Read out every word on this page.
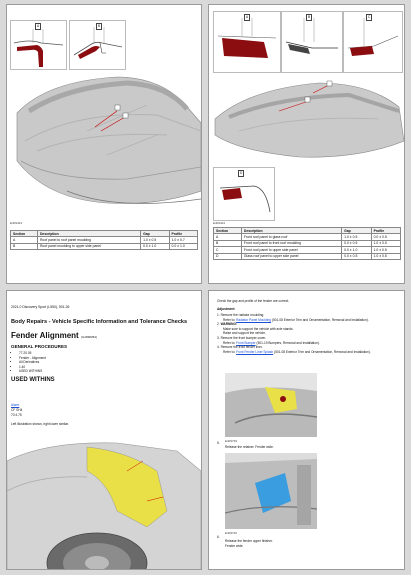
A	B
E409423
Section	Description	Gap	Profile
A	Roof panel to roof panel moulding	1.0 ± 0.5	1.0 ± 0.7
B	Roof panel moulding to upper side panel	0.0 ± 1.0	0.0 ± 1.0
A	B	C
D
E409424
Section	Description	Gap	Profile
A	Front roof panel to glass roof	1.0 ± 0.5	0.0 ± 0.5
B	Front roof panel to front roof moulding	0.0 ± 0.5	1.0 ± 0.5
C	Front roof panel to upper side panel	0.0 ± 1.0	1.0 ± 0.5
D	Glass roof panel to upper side panel	0.0 ± 0.5	1.0 ± 0.5
2021.0 Discovery Sport (L550), 501-26
Body Repairs - Vehicle Specific Information and Tolerance Checks
Fender Alignment (G1838254)
GENERAL PROCEDURES
• 77.20.05
• Fender - Alignment
• All Derivatives
• 1.40
• USED WITHINS
USED WITHINS
Alarm
CF SH4
70.4.75
Left illustration shown, right lower similar.
Check the gap and profile of the fender are correct.
Adjustment
1. Remove the radiator moulding.
Refer to: Radiator Panel Moulding (501-08 Exterior Trim and Ornamentation, Removal and Installation).
2. WARNING:
Make sure to support the vehicle with axle stands.
Raise and support the vehicle.
3. Remove the front bumper cover.
Refer to: Front Bumper (501-19 Bumpers, Removal and Installation).
4. Remove the front fender liner.
Refer to: Front Fender Liner Splash (501-08 Exterior Trim and Ornamentation, Removal and Installation).
E409739
5.
Release the retainer. Fender wide.
E409740
6.
Release the fender upper finisher.
Fender wide.
